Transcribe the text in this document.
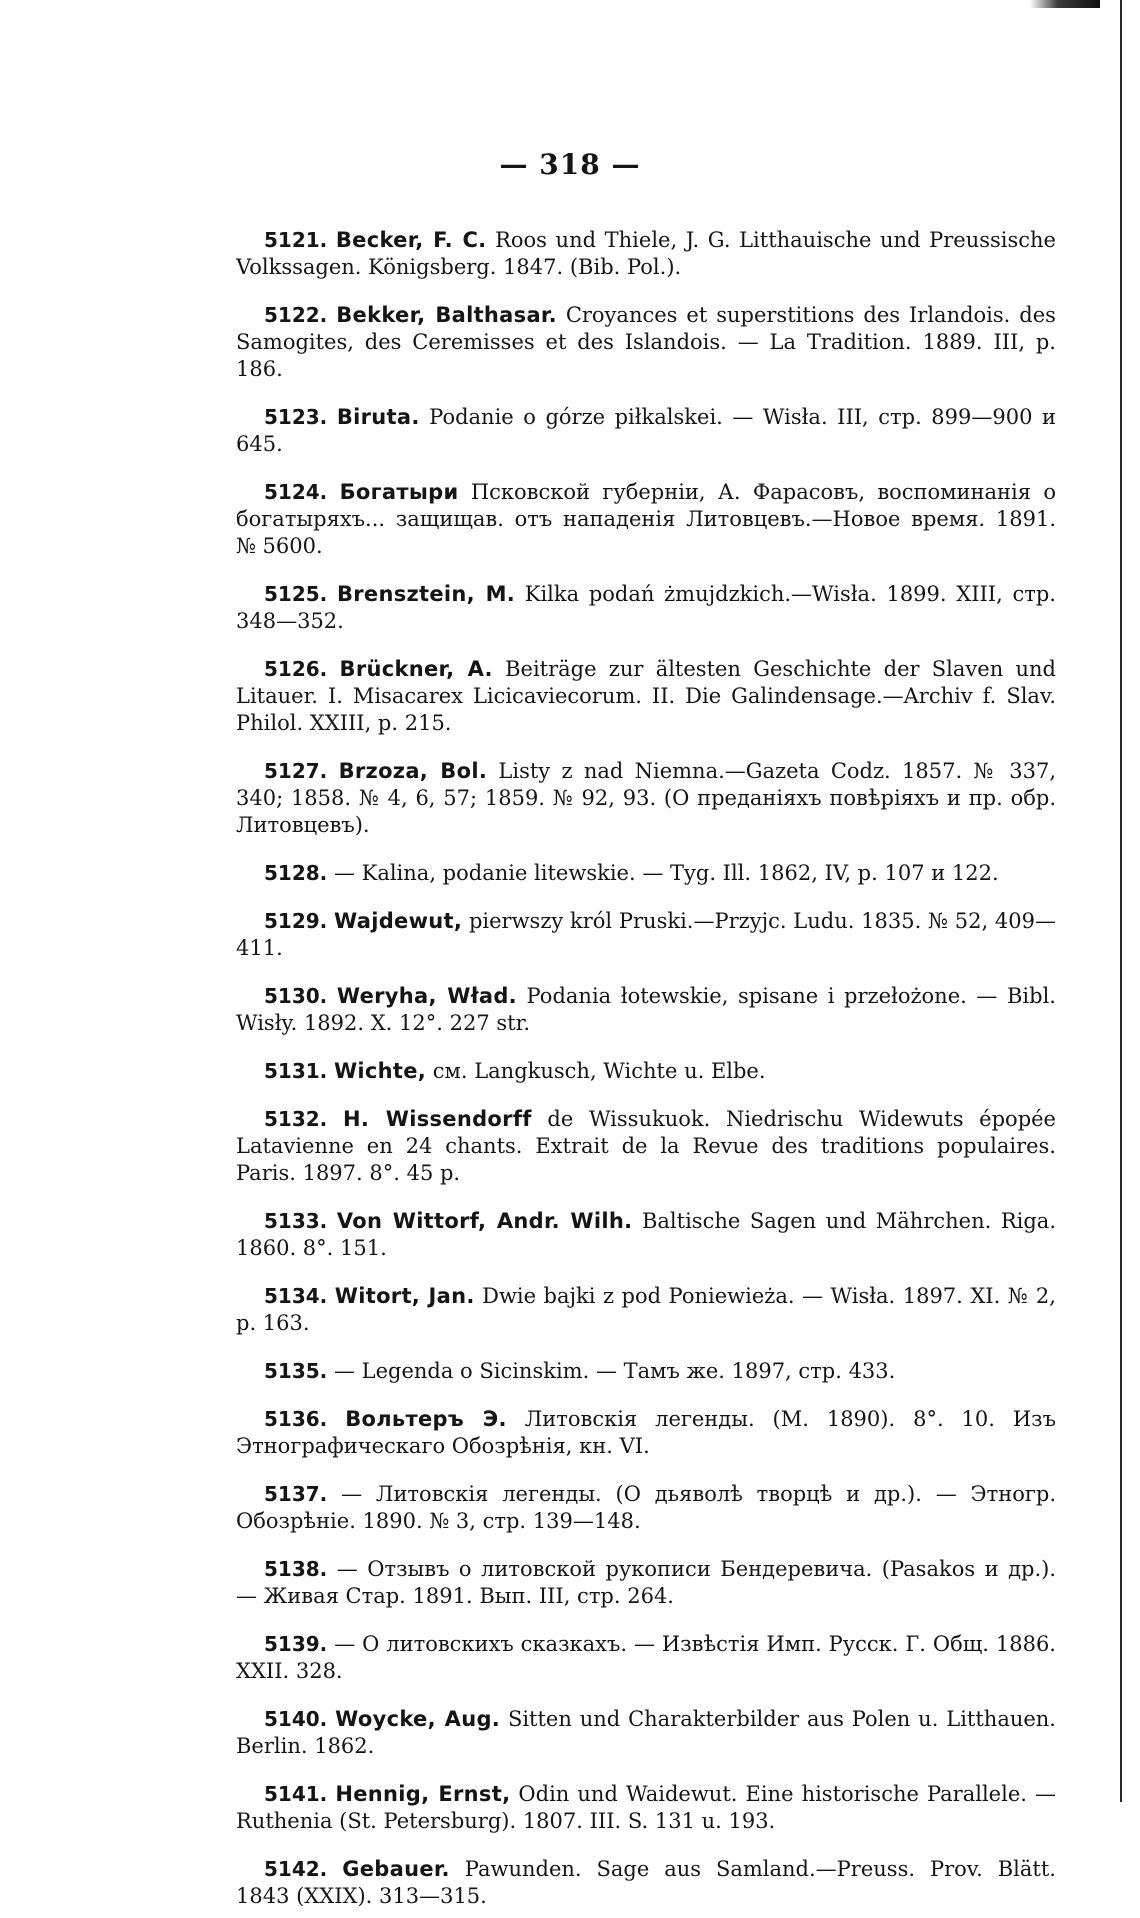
— 318 —

5121. Becker, F. C. Roos und Thiele, J. G. Litthauische und Preussische Volkssagen. Königsberg. 1847. (Bib. Pol.).

5122. Bekker, Balthasar. Croyances et superstitions des Irlandois. des Samogites, des Ceremisses et des Islandois. — La Tradition. 1889. III, p. 186.

5123. Biruta. Podanie o górze piłkalskei. — Wisła. III, стр. 899—900 и 645.

5124. Богатыри Псковской губерніи, А. Фарасовъ, воспоминанія о богатыряхъ... защищав. отъ нападенія Литовцевъ.—Новое время. 1891. № 5600.

5125. Brensztein, M. Kilka podań żmujdzkich.—Wisła. 1899. XIII, стр. 348—352.

5126. Brückner, A. Beiträge zur ältesten Geschichte der Slaven und Litauer. I. Misacarex Licicaviecorum. II. Die Galindensage.—Archiv f. Slav. Philol. XXIII, p. 215.

5127. Brzoza, Bol. Listy z nad Niemna.—Gazeta Codz. 1857. № 337, 340; 1858. № 4, 6, 57; 1859. № 92, 93. (О преданіяхъ повѣріяхъ и пр. обр. Литовцевъ).

5128. — Kalina, podanie litewskie. — Tyg. Ill. 1862, IV, p. 107 и 122.

5129. Wajdewut, pierwszy król Pruski.—Przyjc. Ludu. 1835. № 52, 409—411.

5130. Weryha, Wład. Podania łotewskie, spisane i przełożone. — Bibl. Wisły. 1892. X. 12°. 227 str.

5131. Wichte, см. Langkusch, Wichte u. Elbe.

5132. H. Wissendorff de Wissukuok. Niedrischu Widewuts épopée Latavienne en 24 chants. Extrait de la Revue des traditions populaires. Paris. 1897. 8°. 45 p.

5133. Von Wittorf, Andr. Wilh. Baltische Sagen und Mährchen. Riga. 1860. 8°. 151.

5134. Witort, Jan. Dwie bajki z pod Poniewieża. — Wisła. 1897. XI. № 2, p. 163.

5135. — Legenda o Sicinskim. — Тамъ же. 1897, стр. 433.

5136. Вольтеръ Э. Литовскія легенды. (М. 1890). 8°. 10. Изъ Этнографическаго Обозрѣнія, кн. VI.

5137. — Литовскія легенды. (О дьяволѣ творцѣ и др.). — Этногр. Обозрѣніе. 1890. № 3, стр. 139—148.

5138. — Отзывъ о литовской рукописи Бендеревича. (Pasakos и др.). — Живая Стар. 1891. Вып. III, стр. 264.

5139. — О литовскихъ сказкахъ. — Извѣстія Имп. Русск. Г. Общ. 1886. XXII. 328.

5140. Woycke, Aug. Sitten und Charakterbilder aus Polen u. Litthauen. Berlin. 1862.

5141. Hennig, Ernst, Odin und Waidewut. Eine historische Parallele. — Ruthenia (St. Petersburg). 1807. III. S. 131 u. 193.

5142. Gebauer. Pawunden. Sage aus Samland.—Preuss. Prov. Blätt. 1843 (XXIX). 313—315.
